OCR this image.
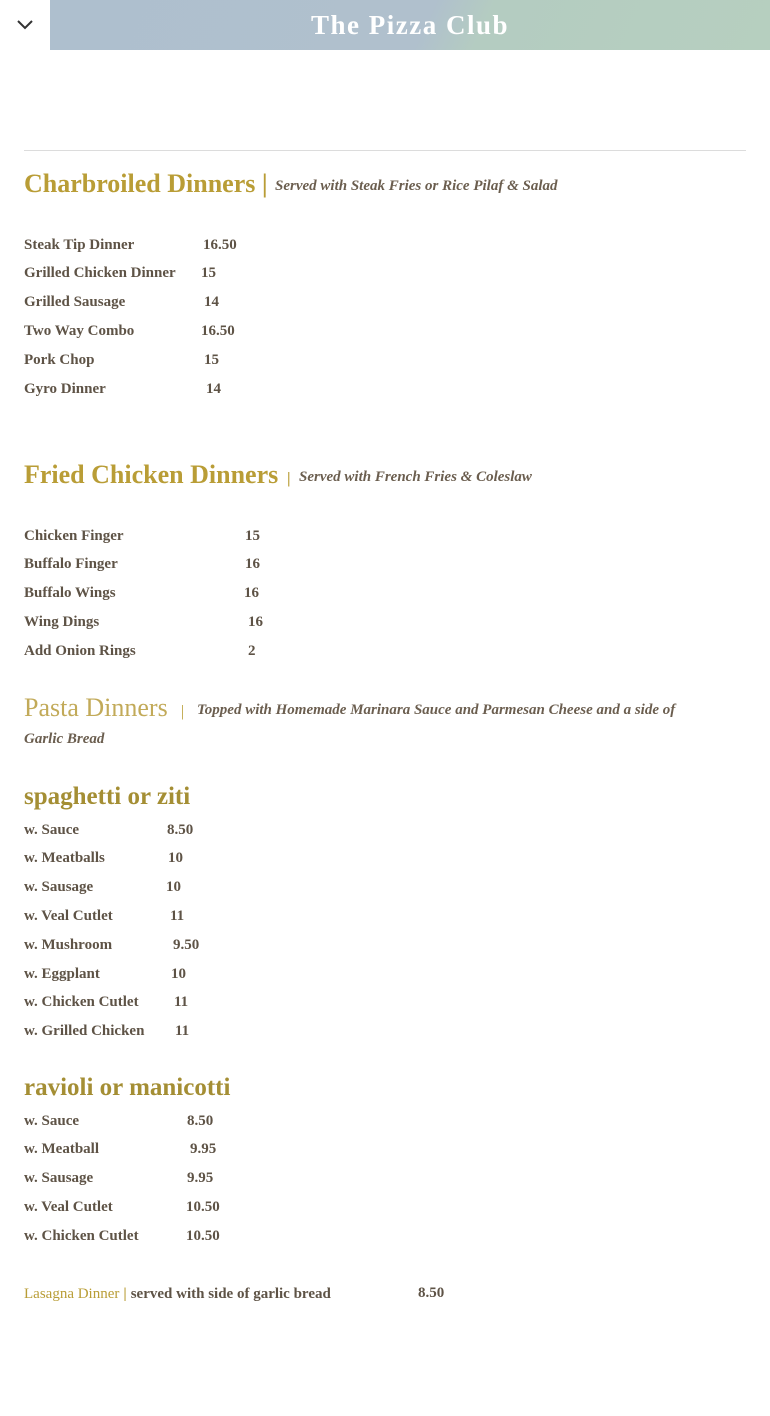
The Pizza Club
Charbroiled Dinners | Served with Steak Fries or Rice Pilaf & Salad
Steak Tip Dinner	16.50
Grilled Chicken Dinner 15
Grilled Sausage	14
Two Way Combo	16.50
Pork Chop	15
Gyro Dinner	14
Fried Chicken Dinners | Served with French Fries & Coleslaw
Chicken Finger	15
Buffalo Finger	16
Buffalo Wings	16
Wing Dings	16
Add Onion Rings	2
Pasta Dinners | Topped with Homemade Marinara Sauce and Parmesan Cheese and a side of
Garlic Bread
spaghetti or ziti
w. Sauce	8.50
w. Meatballs	10
w. Sausage	10
w. Veal Cutlet	11
w. Mushroom	9.50
w. Eggplant	10
w. Chicken Cutlet 11
w. Grilled Chicken 11
ravioli or manicotti
w. Sauce	8.50
w. Meatball	9.95
w. Sausage	9.95
w. Veal Cutlet	10.50
w. Chicken Cutlet	10.50
Lasagna Dinner | served with side of garlic bread	8.50
